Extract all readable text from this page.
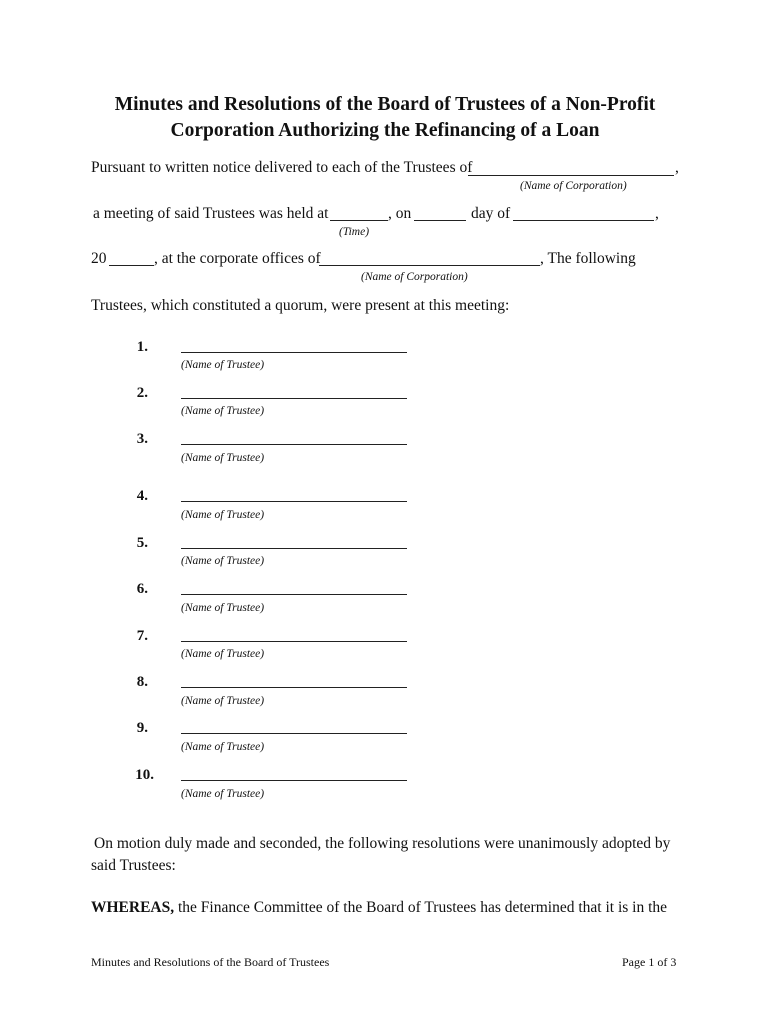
Minutes and Resolutions of the Board of Trustees of a Non-Profit
Corporation Authorizing the Refinancing of a Loan
Pursuant to written notice delivered to each of the Trustees of	,
(Name of Corporation)
a meeting of said Trustees was held at	, on	day of	,
(Time)
20	, at the corporate offices of	, The following
(Name of Corporation)
Trustees, which constituted a quorum, were present at this meeting:
1.
(Name of Trustee)
2.
(Name of Trustee)
3.
(Name of Trustee)
4.
(Name of Trustee)
5.
(Name of Trustee)
6.
(Name of Trustee)
7.
(Name of Trustee)
8.
(Name of Trustee)
9.
(Name of Trustee)
10.
(Name of Trustee)
On motion duly made and seconded, the following resolutions were unanimously adopted by
said Trustees:
WHEREAS, the Finance Committee of the Board of Trustees has determined that it is in the
Minutes and Resolutions of the Board of Trustees	Page 1 of 3
